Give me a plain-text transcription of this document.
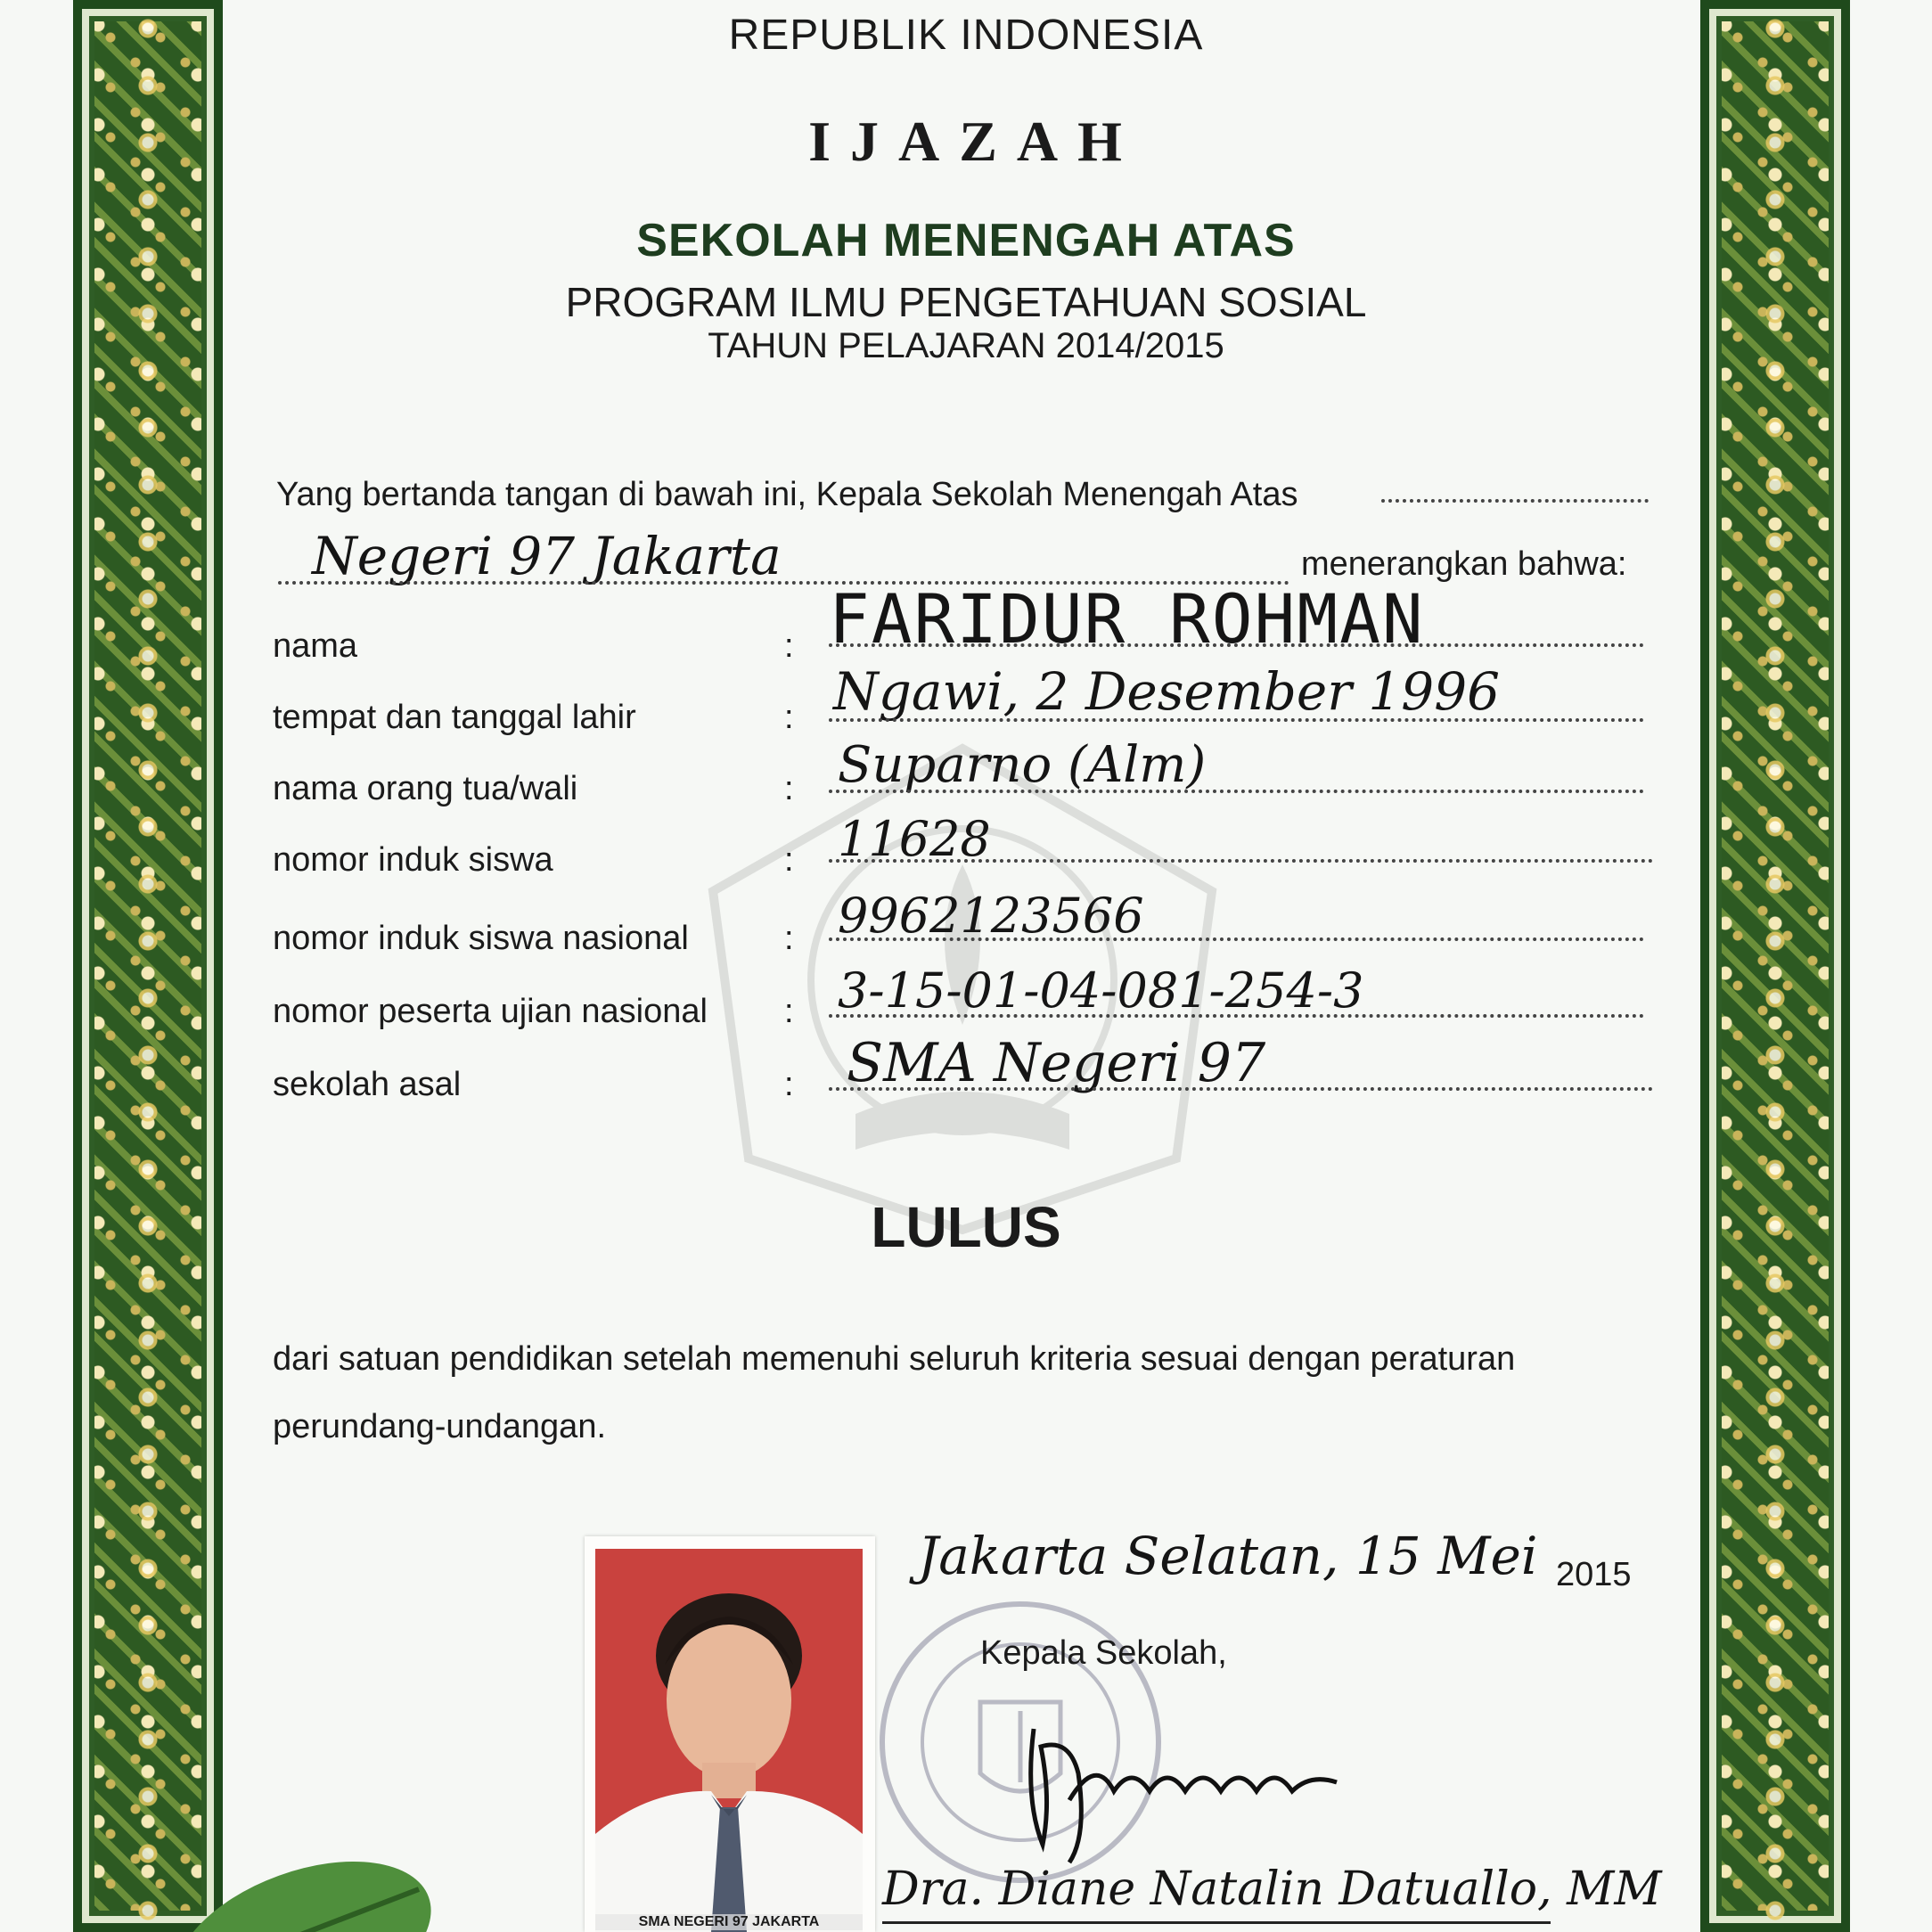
REPUBLIK INDONESIA
IJAZAH
SEKOLAH MENENGAH ATAS
PROGRAM ILMU PENGETAHUAN SOSIAL
TAHUN PELAJARAN 2014/2015
Yang bertanda tangan di bawah ini, Kepala Sekolah Menengah Atas
Negeri 97 Jakarta	menerangkan bahwa:
nama	: FARIDUR ROHMAN
tempat dan tanggal lahir	: Ngawi, 2 Desember 1996
nama orang tua/wali	: Suparno (Alm)
nomor induk siswa	: 11628
nomor induk siswa nasional	: 9962123566
nomor peserta ujian nasional : 3-15-01-04-081-254-3
sekolah asal	: SMA Negeri 97
LULUS
dari satuan pendidikan setelah memenuhi seluruh kriteria sesuai dengan peraturan
perundang-undangan.
SMA NEGERI 97 JAKARTA
Jakarta Selatan, 15 Mei 2015
Kepala Sekolah,
Dra. Diane Natalin Datuallo, MM
